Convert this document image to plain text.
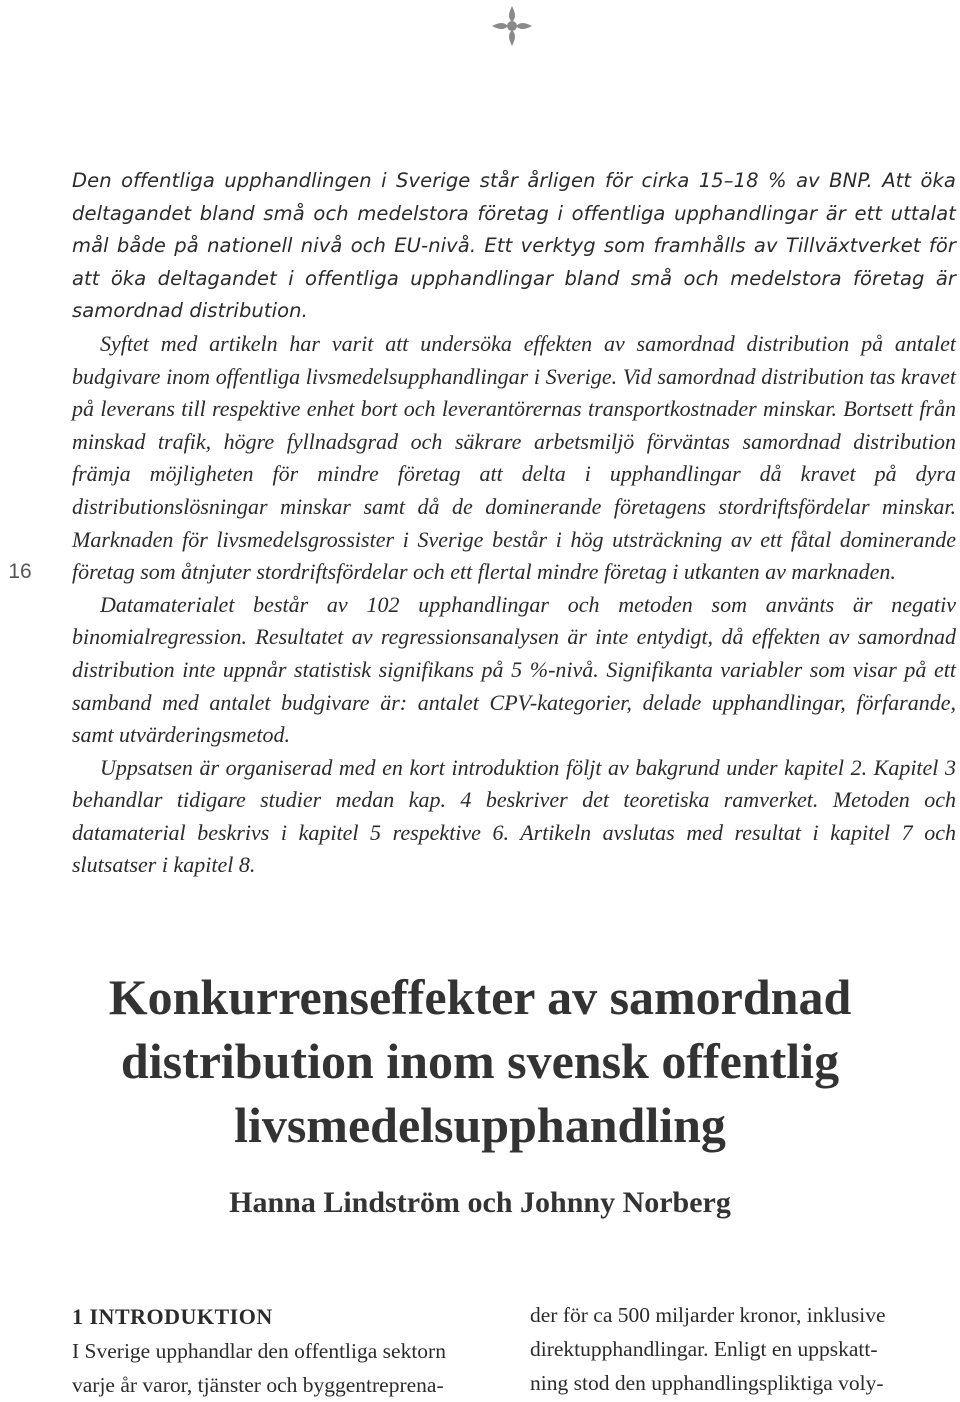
16

Den offentliga upphandlingen i Sverige står årligen för cirka 15–18 % av BNP. Att öka deltagandet bland små och medelstora företag i offentliga upphandlingar är ett uttalat mål både på nationell nivå och EU-nivå. Ett verktyg som framhålls av Tillväxtverket för att öka deltagandet i offentliga upphandlingar bland små och medelstora företag är samordnad distribution.

Syftet med artikeln har varit att undersöka effekten av samordnad distribution på antalet budgivare inom offentliga livsmedelsupphandlingar i Sverige. Vid samordnad distribution tas kravet på leverans till respektive enhet bort och leverantörernas transportkostnader minskar. Bortsett från minskad trafik, högre fyllnadsgrad och säkrare arbetsmiljö förväntas samordnad distribution främja möjligheten för mindre företag att delta i upphandlingar då kravet på dyra distributionslösningar minskar samt då de dominerande företagens stordriftsfördelar minskar. Marknaden för livsmedelsgrossister i Sverige består i hög utsträckning av ett fåtal dominerande företag som åtnjuter stordriftsfördelar och ett flertal mindre företag i utkanten av marknaden.

Datamaterialet består av 102 upphandlingar och metoden som använts är negativ binomialregression. Resultatet av regressionsanalysen är inte entydigt, då effekten av samordnad distribution inte uppnår statistisk signifikans på 5 %-nivå. Signifikanta variabler som visar på ett samband med antalet budgivare är: antalet CPV-kategorier, delade upphandlingar, förfarande, samt utvärderingsmetod.

Uppsatsen är organiserad med en kort introduktion följt av bakgrund under kapitel 2. Kapitel 3 behandlar tidigare studier medan kap. 4 beskriver det teoretiska ramverket. Metoden och datamaterial beskrivs i kapitel 5 respektive 6. Artikeln avslutas med resultat i kapitel 7 och slutsatser i kapitel 8.

Konkurrenseffekter av samordnad
distribution inom svensk offentlig
livsmedelsupphandling
Hanna Lindström och Johnny Norberg
1 INTRODUKTION
I Sverige upphandlar den offentliga sektorn
varje år varor, tjänster och byggentreprena-
der för ca 500 miljarder kronor, inklusive
direktupphandlingar. Enligt en uppskatt-
ning stod den upphandlingspliktiga voly-
